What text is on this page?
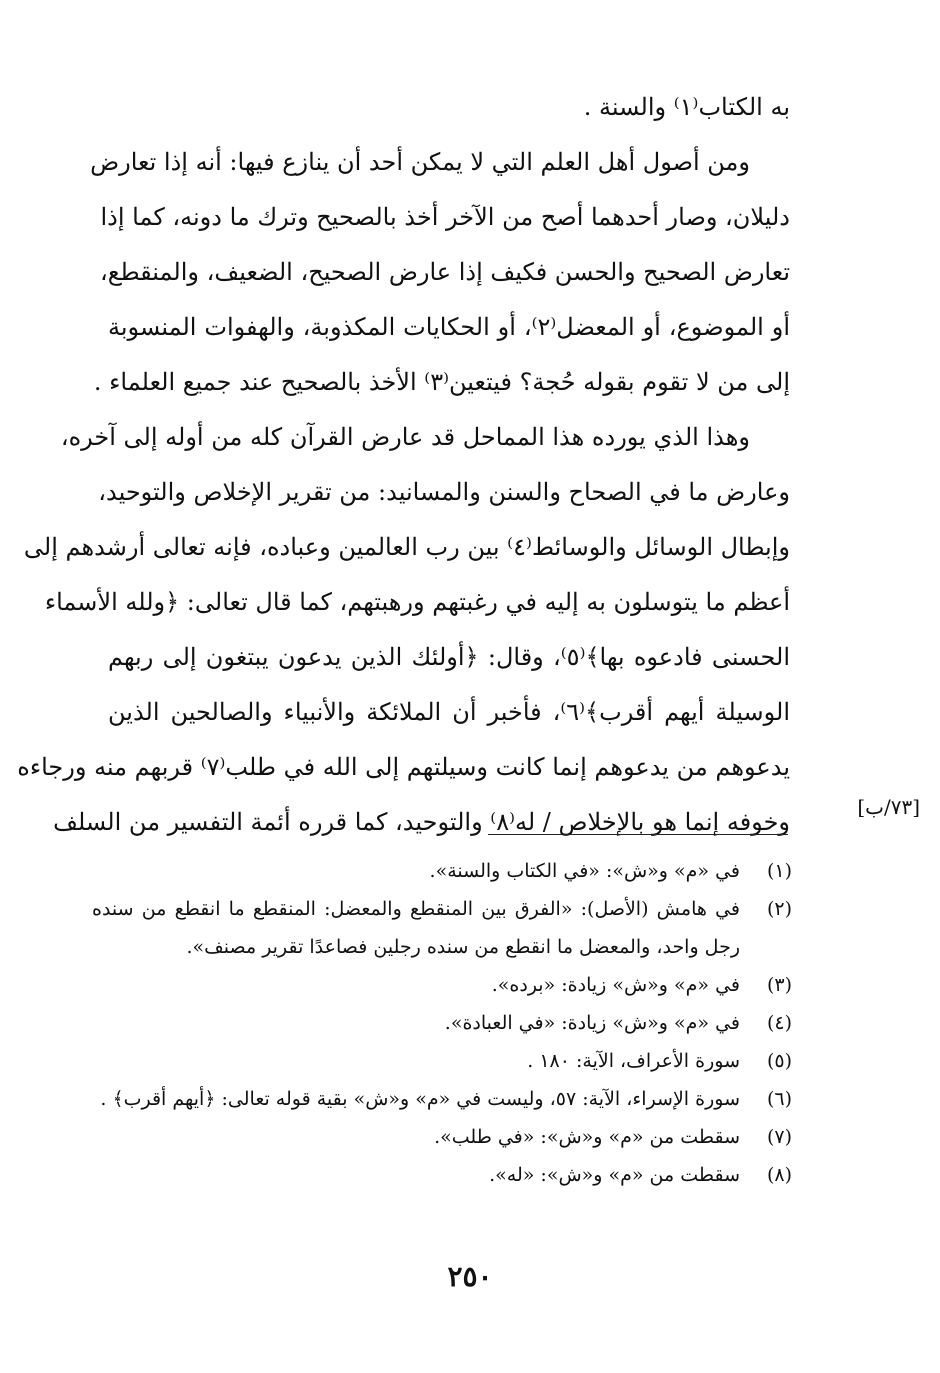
به الكتاب⁽١⁾ والسنة .
ومن أصول أهل العلم التي لا يمكن أحد أن ينازع فيها: أنه إذا تعارض
دليلان، وصار أحدهما أصح من الآخر أخذ بالصحيح وترك ما دونه، كما إذا
تعارض الصحيح والحسن فكيف إذا عارض الصحيح، الضعيف، والمنقطع،
أو الموضوع، أو المعضل⁽٢⁾، أو الحكايات المكذوبة، والهفوات المنسوبة
إلى من لا تقوم بقوله حُجة؟ فيتعين⁽٣⁾ الأخذ بالصحيح عند جميع العلماء .
وهذا الذي يورده هذا المماحل قد عارض القرآن كله من أوله إلى آخره،
وعارض ما في الصحاح والسنن والمسانيد: من تقرير الإخلاص والتوحيد،
وإبطال الوسائل والوسائط⁽٤⁾ بين رب العالمين وعباده، فإنه تعالى أرشدهم إلى
أعظم ما يتوسلون به إليه في رغبتهم ورهبتهم، كما قال تعالى: ﴿ولله الأسماء
الحسنى فادعوه بها﴾⁽٥⁾، وقال: ﴿أولئك الذين يدعون يبتغون إلى ربهم
الوسيلة أيهم أقرب﴾⁽٦⁾، فأخبر أن الملائكة والأنبياء والصالحين الذين
يدعوهم من يدعوهم إنما كانت وسيلتهم إلى الله في طلب⁽٧⁾ قربهم منه ورجاءه
وخوفه إنما هو بالإخلاص / له⁽٨⁾ والتوحيد، كما قرره أئمة التفسير من السلف
[٧٣/ب]
(١)
في «م» و«ش»: «في الكتاب والسنة».
(٢)
في هامش (الأصل): «الفرق بين المنقطع والمعضل: المنقطع ما انقطع من سنده رجل واحد، والمعضل ما انقطع من سنده رجلين فصاعدًا تقرير مصنف».
(٣)
في «م» و«ش» زيادة: «برده».
(٤)
في «م» و«ش» زيادة: «في العبادة».
(٥)
سورة الأعراف، الآية: ١٨٠ .
(٦)
سورة الإسراء، الآية: ٥٧، وليست في «م» و«ش» بقية قوله تعالى: ﴿أيهم أقرب﴾ .
(٧)
سقطت من «م» و«ش»: «في طلب».
(٨)
سقطت من «م» و«ش»: «له».
٢٥٠
